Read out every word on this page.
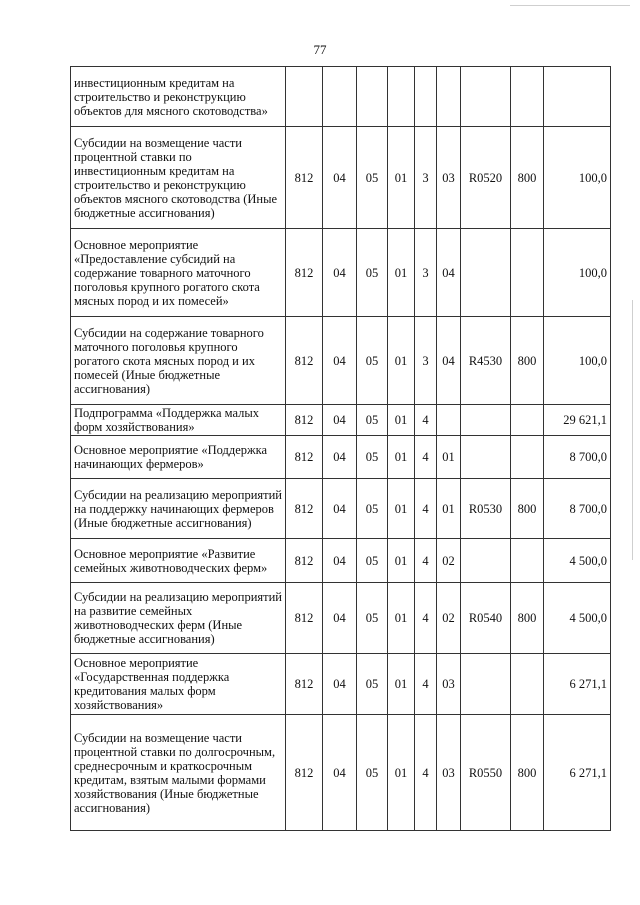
77
инвестиционным кредитам на строительство и реконструкцию объектов для мясного скотоводства»									
Субсидии на возмещение части процентной ставки по инвестиционным кредитам на строительство и реконструкцию объектов мясного скотоводства (Иные бюджетные ассигнования)	812	04	05	01	3	03	R0520	800	100,0
Основное мероприятие «Предоставление субсидий на содержание товарного маточного поголовья крупного рогатого скота мясных пород и их помесей»	812	04	05	01	3	04			100,0
Субсидии на содержание товарного маточного поголовья крупного рогатого скота мясных пород и их помесей (Иные бюджетные ассигнования)	812	04	05	01	3	04	R4530	800	100,0
Подпрограмма «Поддержка малых форм хозяйствования»	812	04	05	01	4				29 621,1
Основное мероприятие «Поддержка начинающих фермеров»	812	04	05	01	4	01			8 700,0
Субсидии на реализацию мероприятий на поддержку начинающих фермеров (Иные бюджетные ассигнования)	812	04	05	01	4	01	R0530	800	8 700,0
Основное мероприятие «Развитие семейных животноводческих ферм»	812	04	05	01	4	02			4 500,0
Субсидии на реализацию мероприятий на развитие семейных животноводческих ферм (Иные бюджетные ассигнования)	812	04	05	01	4	02	R0540	800	4 500,0
Основное мероприятие «Государственная поддержка кредитования малых форм хозяйствования»	812	04	05	01	4	03			6 271,1
Субсидии на возмещение части процентной ставки по долгосрочным, среднесрочным и краткосрочным кредитам, взятым малыми формами хозяйствования (Иные бюджетные ассигнования)	812	04	05	01	4	03	R0550	800	6 271,1
